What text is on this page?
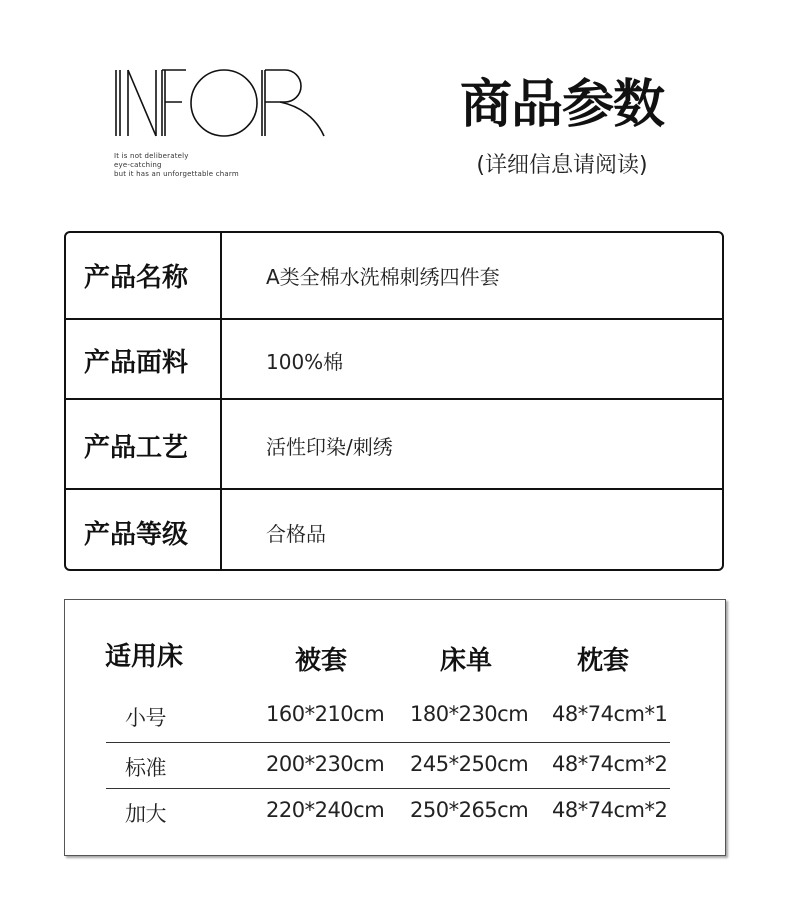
It is not deliberately
eye-catching
but it has an unforgettable charm
商品参数
(详细信息请阅读)
产品名称	A类全棉水洗棉刺绣四件套
产品面料	100%棉
产品工艺	活性印染/刺绣
产品等级	合格品
适用床	被套	床单	枕套
小号	160*210cm 180*230cm 48*74cm*1
标准	200*230cm 245*250cm 48*74cm*2
加大	220*240cm 250*265cm 48*74cm*2
